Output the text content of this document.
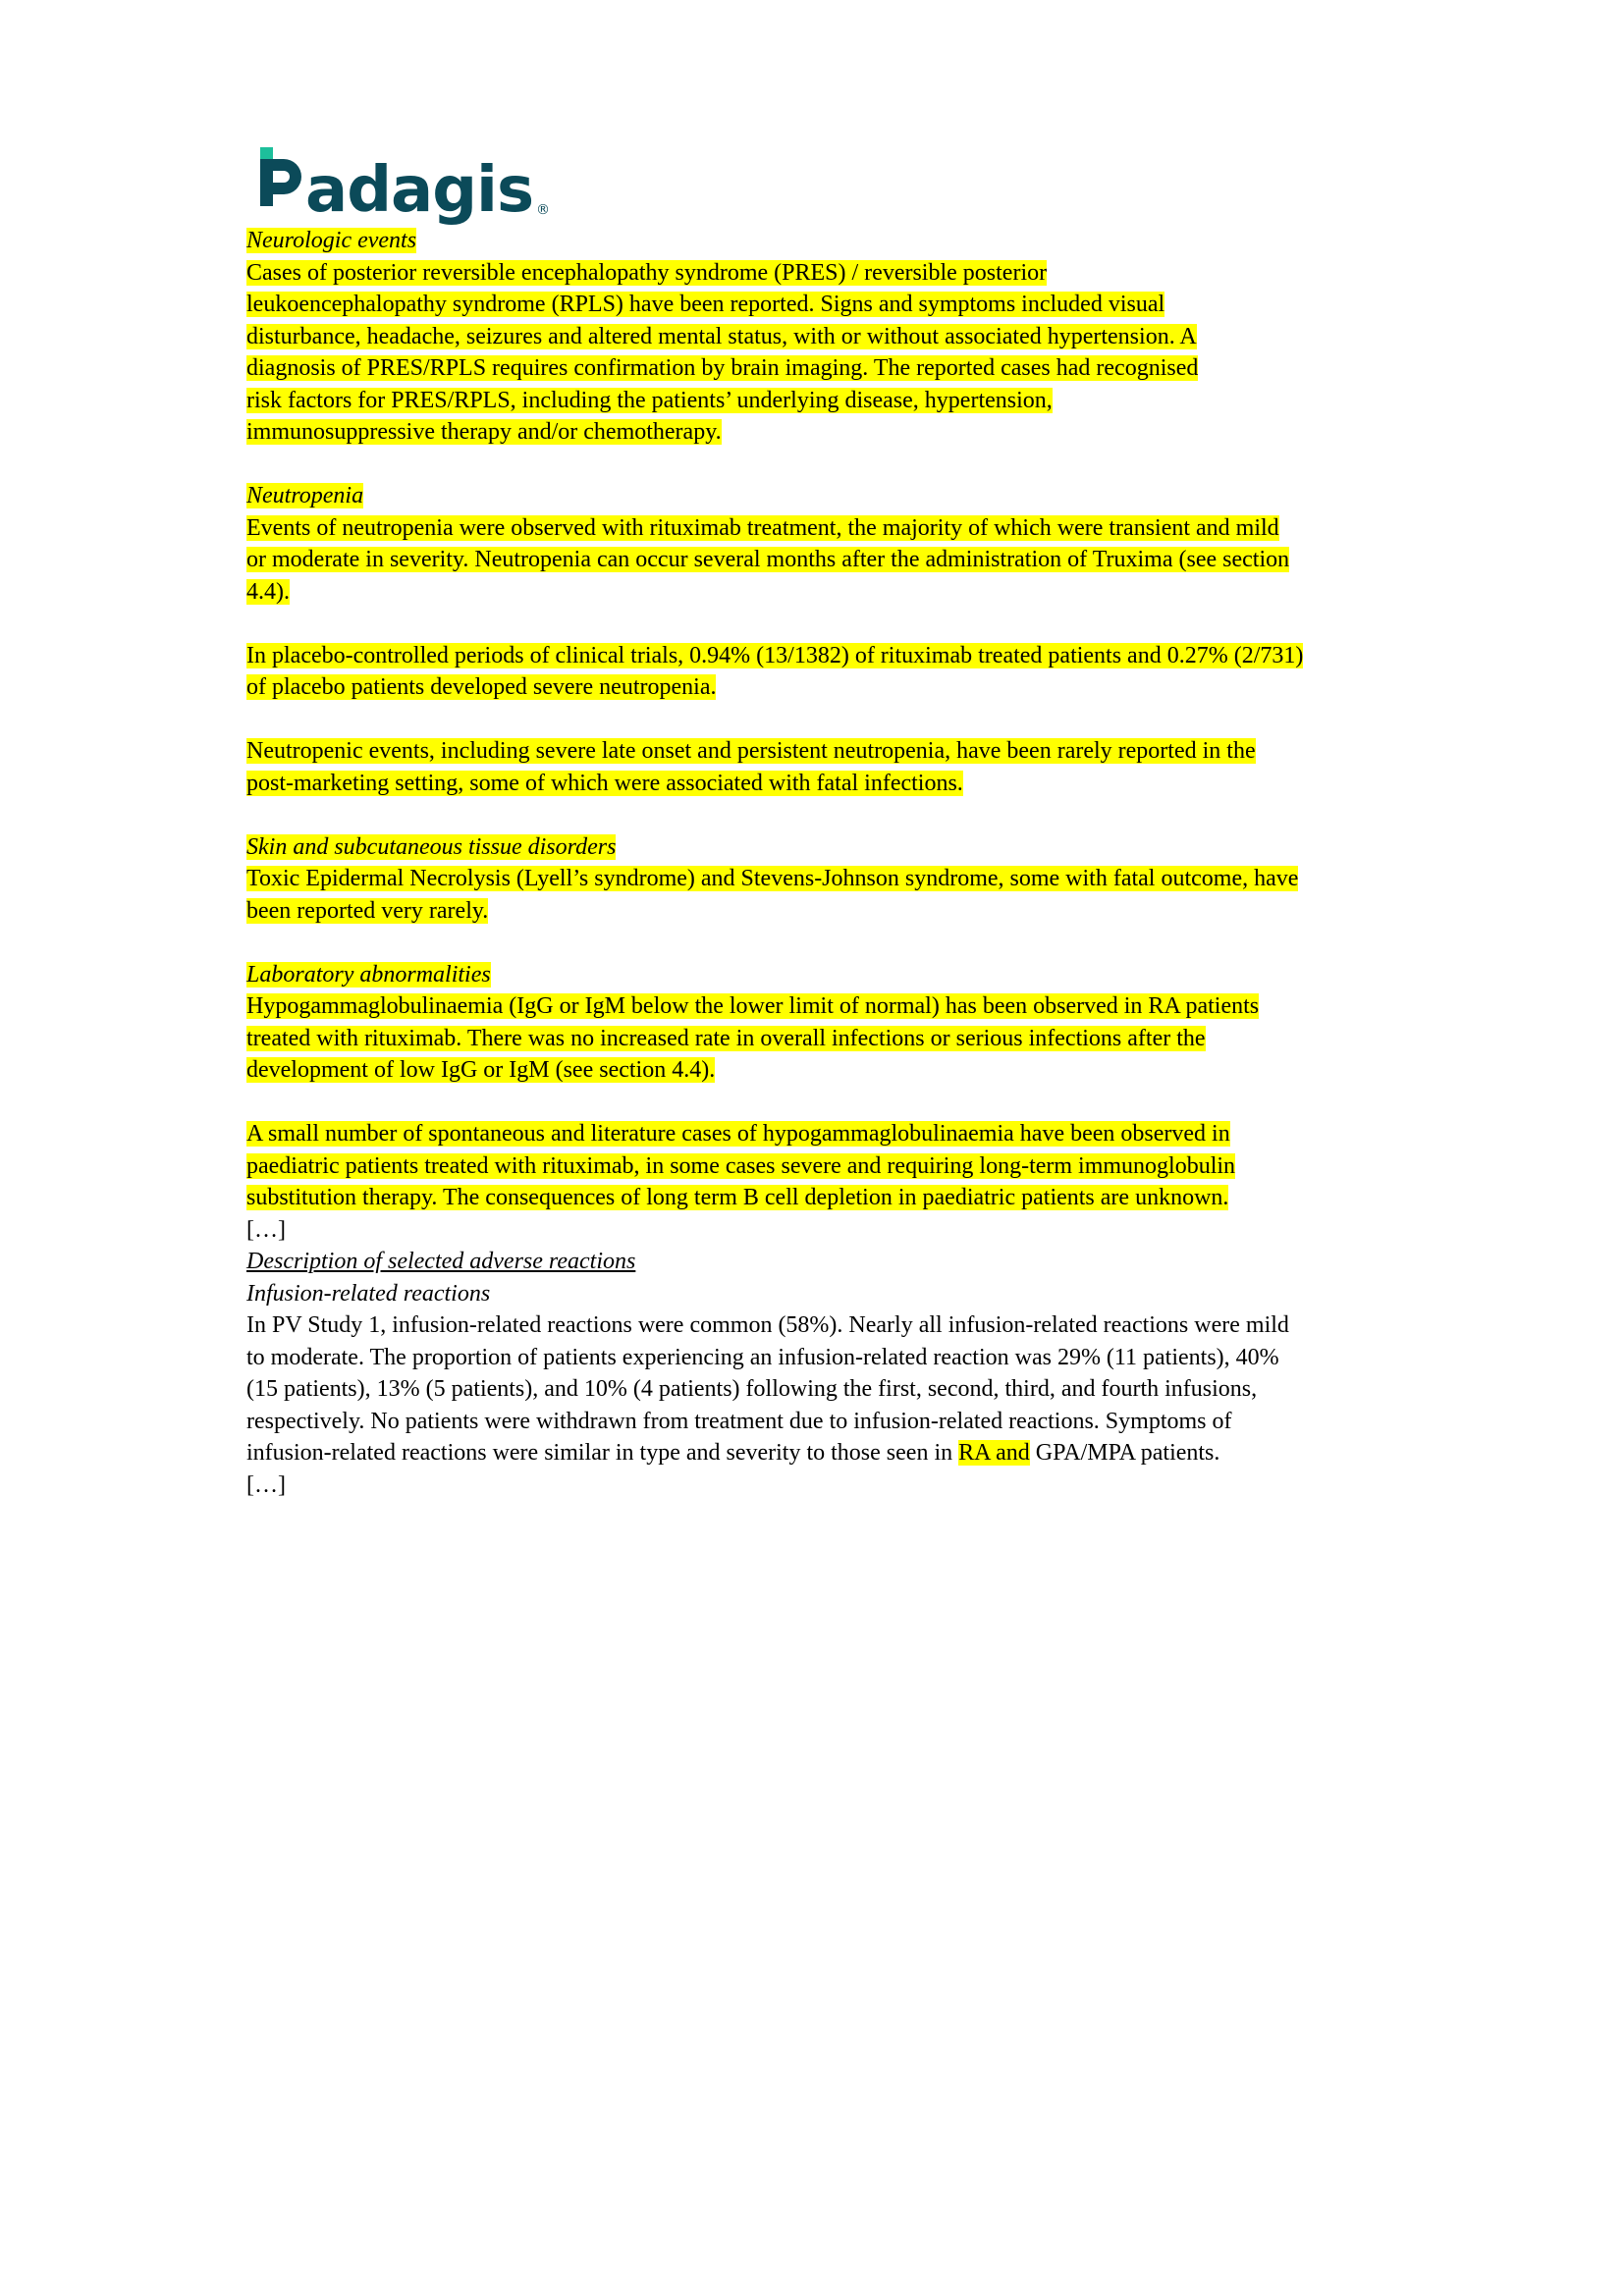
adagis ®

Neurologic events

Cases of posterior reversible encephalopathy syndrome (PRES) / reversible posterior

leukoencephalopathy syndrome (RPLS) have been reported. Signs and symptoms included visual

disturbance, headache, seizures and altered mental status, with or without associated hypertension. A

diagnosis of PRES/RPLS requires confirmation by brain imaging. The reported cases had recognised

risk factors for PRES/RPLS, including the patients’ underlying disease, hypertension,

immunosuppressive therapy and/or chemotherapy.

Neutropenia

Events of neutropenia were observed with rituximab treatment, the majority of which were transient and mild

or moderate in severity. Neutropenia can occur several months after the administration of Truxima (see section

4.4).

In placebo-controlled periods of clinical trials, 0.94% (13/1382) of rituximab treated patients and 0.27% (2/731)

of placebo patients developed severe neutropenia.

Neutropenic events, including severe late onset and persistent neutropenia, have been rarely reported in the

post-marketing setting, some of which were associated with fatal infections.

Skin and subcutaneous tissue disorders

Toxic Epidermal Necrolysis (Lyell’s syndrome) and Stevens-Johnson syndrome, some with fatal outcome, have

been reported very rarely.

Laboratory abnormalities

Hypogammaglobulinaemia (IgG or IgM below the lower limit of normal) has been observed in RA patients

treated with rituximab. There was no increased rate in overall infections or serious infections after the

development of low IgG or IgM (see section 4.4).

A small number of spontaneous and literature cases of hypogammaglobulinaemia have been observed in

paediatric patients treated with rituximab, in some cases severe and requiring long-term immunoglobulin

substitution therapy. The consequences of long term B cell depletion in paediatric patients are unknown.

[…]

Description of selected adverse reactions

Infusion-related reactions

In PV Study 1, infusion-related reactions were common (58%). Nearly all infusion-related reactions were mild

to moderate. The proportion of patients experiencing an infusion-related reaction was 29% (11 patients), 40%

(15 patients), 13% (5 patients), and 10% (4 patients) following the first, second, third, and fourth infusions,

respectively. No patients were withdrawn from treatment due to infusion-related reactions. Symptoms of

infusion-related reactions were similar in type and severity to those seen in RA and GPA/MPA patients.

[…]
